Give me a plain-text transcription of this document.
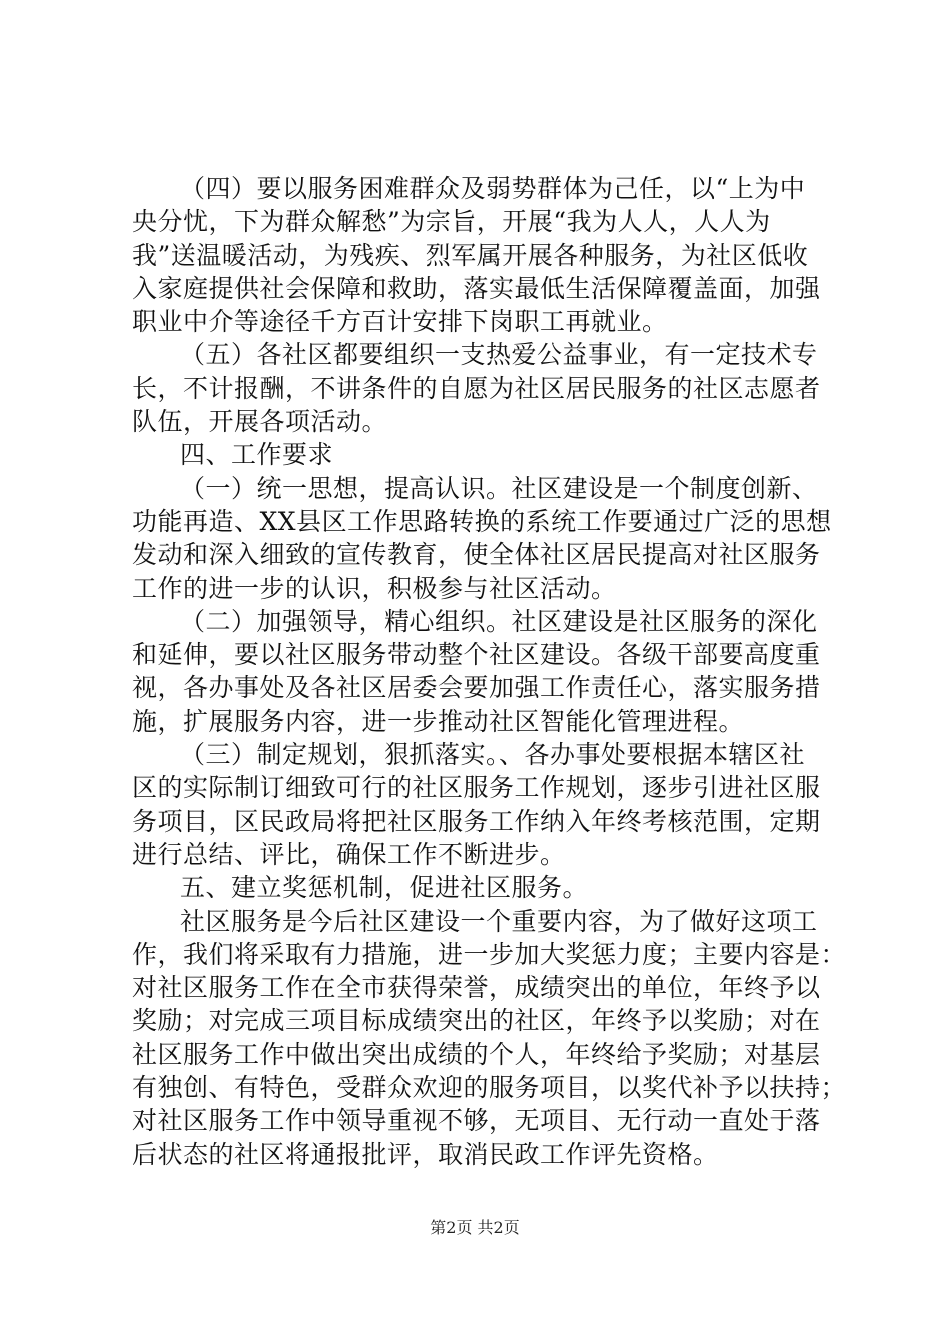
（四）要以服务困难群众及弱势群体为己任，以“上为中
央分忧，下为群众解愁”为宗旨，开展“我为人人，人人为
我”送温暖活动，为残疾、烈军属开展各种服务，为社区低收
入家庭提供社会保障和救助，落实最低生活保障覆盖面，加强
职业中介等途径千方百计安排下岗职工再就业。
（五）各社区都要组织一支热爱公益事业，有一定技术专
长，不计报酬，不讲条件的自愿为社区居民服务的社区志愿者
队伍，开展各项活动。
四、工作要求
（一）统一思想，提高认识。社区建设是一个制度创新、
功能再造、XX县区工作思路转换的系统工作要通过广泛的思想
发动和深入细致的宣传教育，使全体社区居民提高对社区服务
工作的进一步的认识，积极参与社区活动。
（二）加强领导，精心组织。社区建设是社区服务的深化
和延伸，要以社区服务带动整个社区建设。各级干部要高度重
视，各办事处及各社区居委会要加强工作责任心，落实服务措
施，扩展服务内容，进一步推动社区智能化管理进程。
（三）制定规划，狠抓落实。、各办事处要根据本辖区社
区的实际制订细致可行的社区服务工作规划，逐步引进社区服
务项目，区民政局将把社区服务工作纳入年终考核范围，定期
进行总结、评比，确保工作不断进步。
五、建立奖惩机制，促进社区服务。
社区服务是今后社区建设一个重要内容，为了做好这项工
作，我们将采取有力措施，进一步加大奖惩力度；主要内容是：
对社区服务工作在全市获得荣誉，成绩突出的单位，年终予以
奖励；对完成三项目标成绩突出的社区，年终予以奖励；对在
社区服务工作中做出突出成绩的个人，年终给予奖励；对基层
有独创、有特色，受群众欢迎的服务项目，以奖代补予以扶持；
对社区服务工作中领导重视不够，无项目、无行动一直处于落
后状态的社区将通报批评，取消民政工作评先资格。
第2页 共2页
